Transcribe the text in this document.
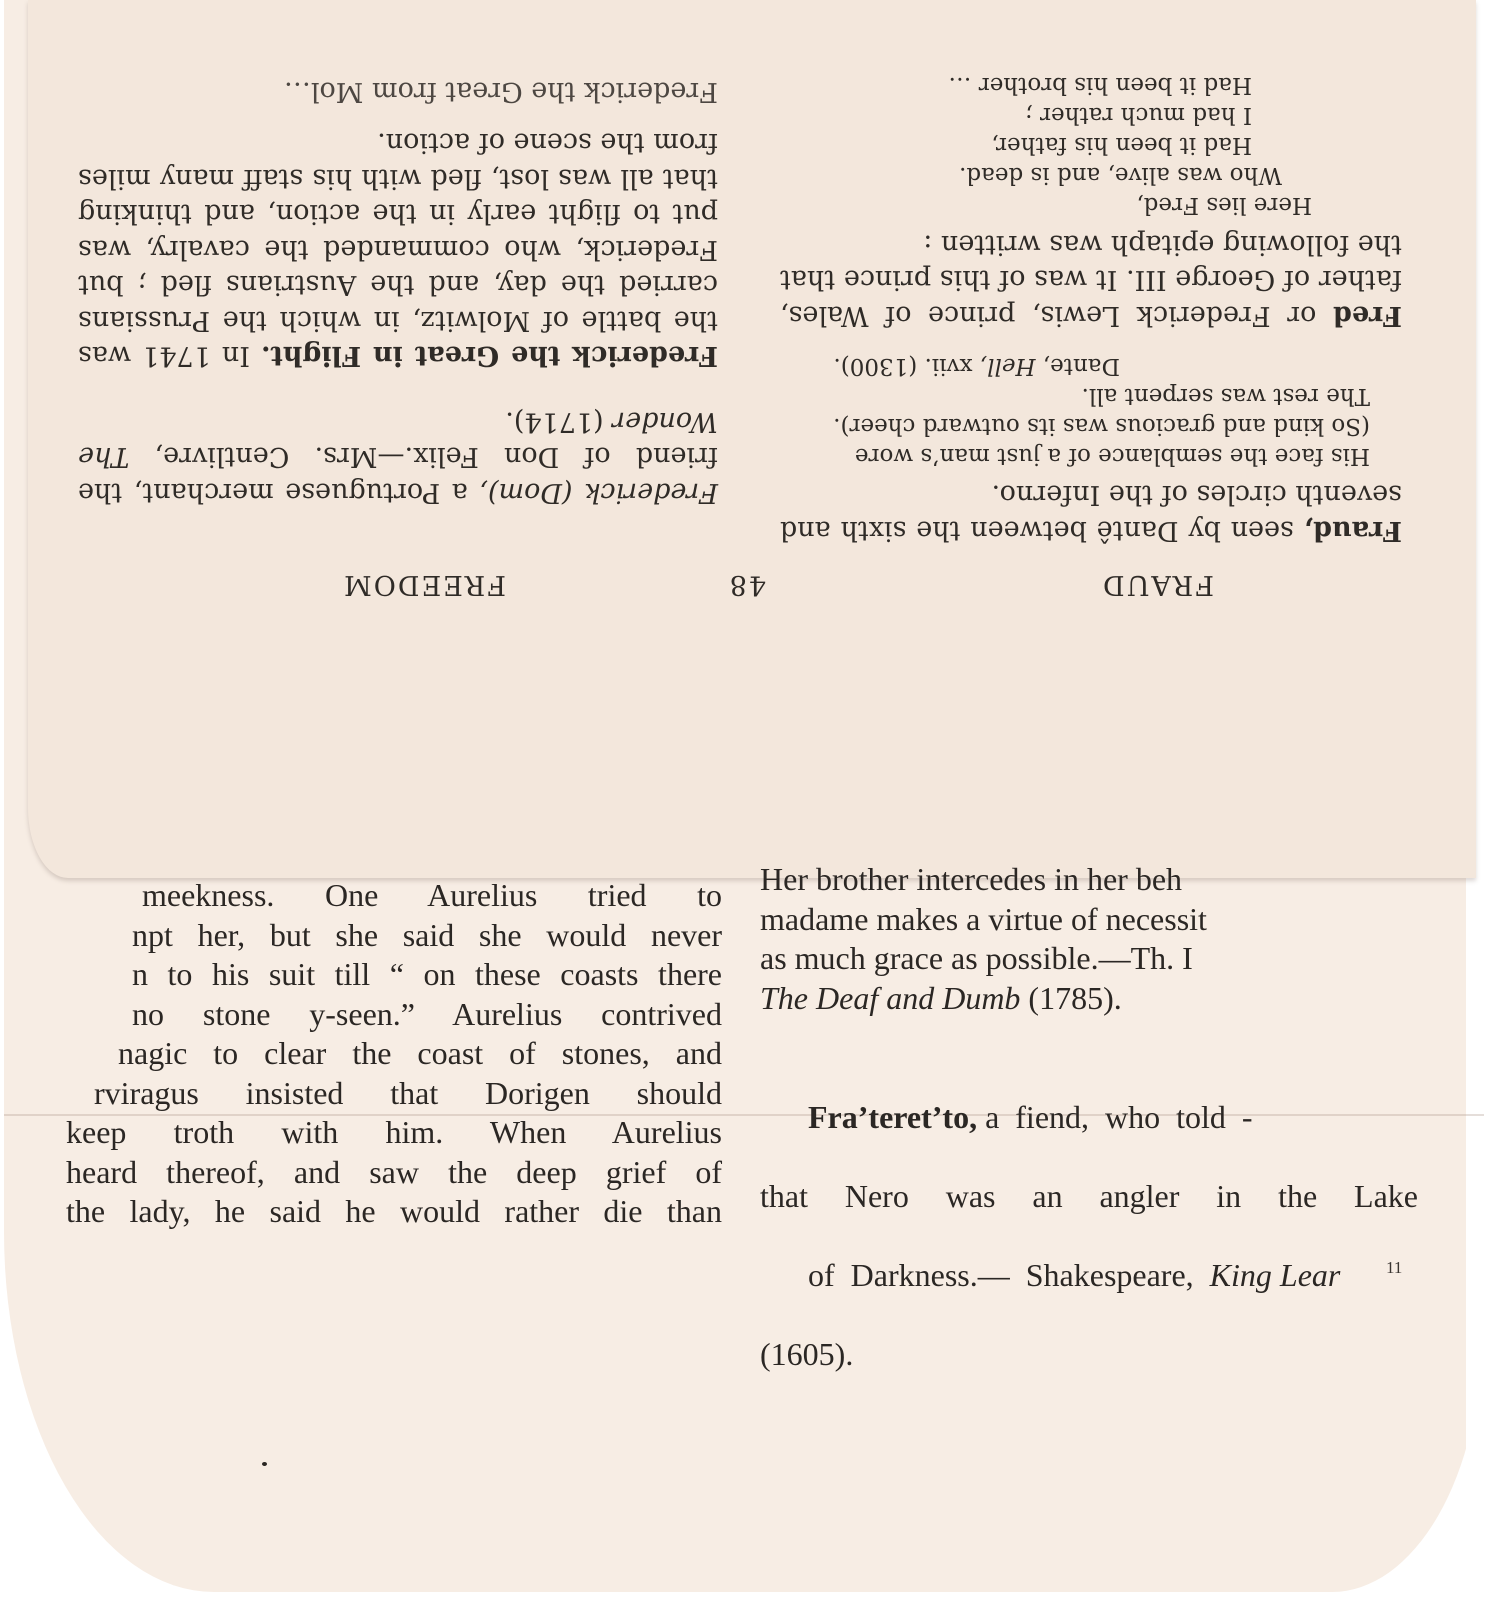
FRAUD
48
FREEDOM

Fraud, seen by Dantê between the sixth and seventh circles of the Inferno.

His face the semblance of a just man’s wore
(So kind and gracious was its outward cheer).
The rest was serpent all.
Dante, Hell, xvii. (1300).

Fred or Frederick Lewis, prince of Wales, father of George III. It was of this prince that the following epitaph was written :

Here lies Fred,
Who was alive, and is dead.
Had it been his father,
I had much rather ;
Had it been his brother …

Frederick (Dom), a Portuguese merchant, the friend of Don Felix.—Mrs. Centlivre, The Wonder (1714).

Frederick the Great in Flight. In 1741 was the battle of Molwitz, in which the Prussians carried the day, and the Austrians fled ; but Frederick, who commanded the cavalry, was put to flight early in the action, and thinking that all was lost, fled with his staff many miles from the scene of action.

Frederick the Great from Mol…

meekness. One Aurelius tried to

npt her, but she said she would never

n to his suit till “ on these coasts there

no stone y-seen.” Aurelius contrived

nagic to clear the coast of stones, and

rviragus insisted that Dorigen should

keep troth with him. When Aurelius

heard thereof, and saw the deep grief of

the lady, he said he would rather die than

Her brother intercedes in her beh

madame makes a virtue of necessit

as much grace as possible.—Th. I

The Deaf and Dumb (1785).

Fra’teret’to, a  fiend,  who  told  -

that Nero was an angler in the Lake

of  Darkness.—  Shakespeare,  King Lear

(1605).

11
